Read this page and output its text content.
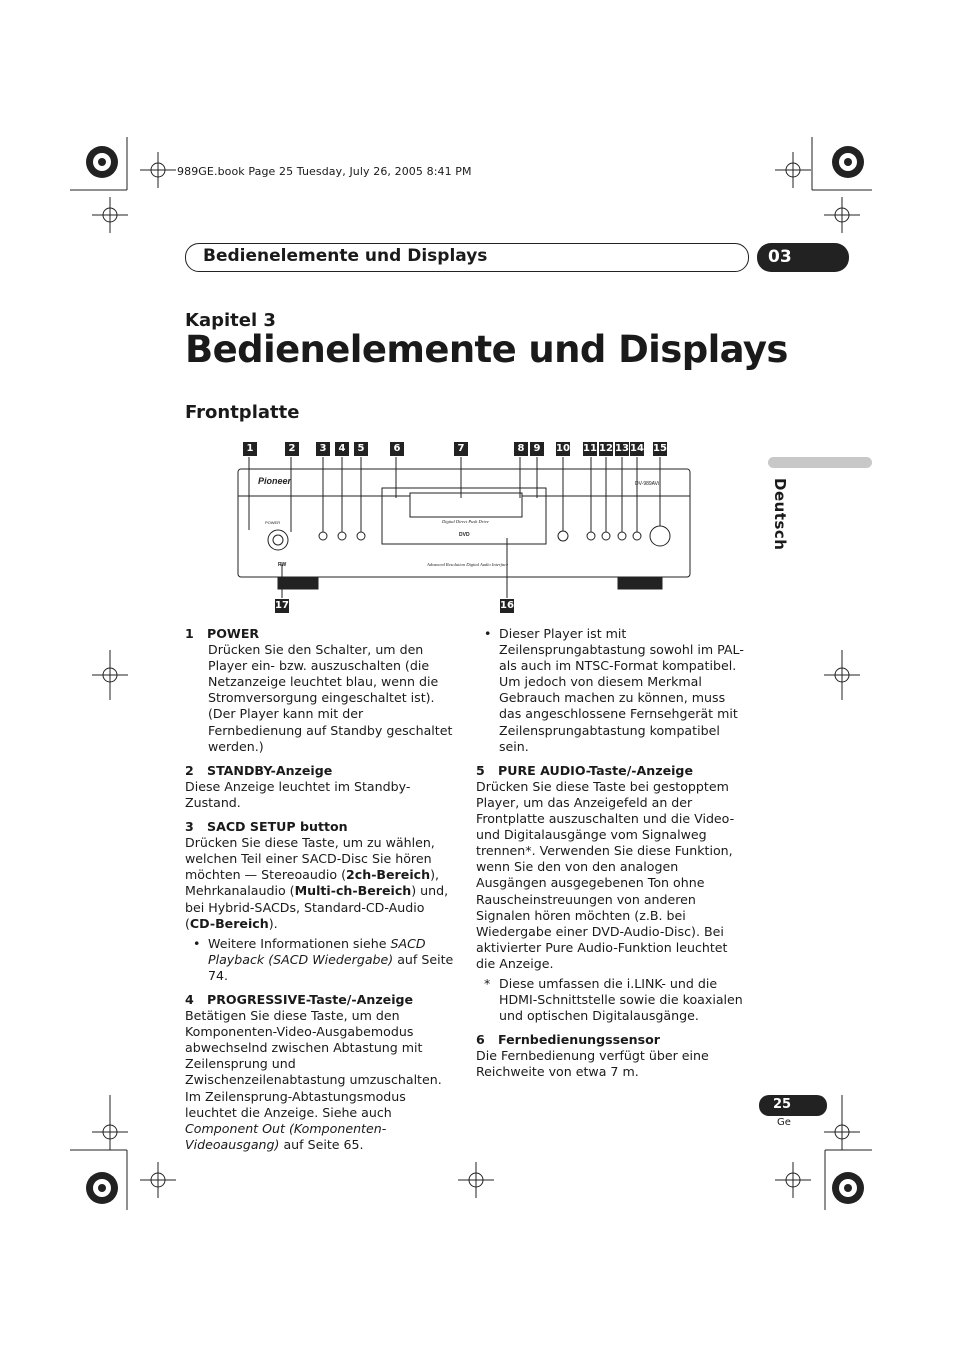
989GE.book Page 25 Tuesday, July 26, 2005 8:41 PM
Bedienelemente und Displays	03
Kapitel 3
Bedienelemente und Displays
Frontplatte
Deutsch
Pioneer	DV-989AVi
POWER	Digital Direct Push Drive
DVD
Advanced Resolution Digital Audio Interface
RW
1	2	3	4	5	6	7	8 9	10 11 12 13 14 15
16
17

1 POWER

Drücken Sie den Schalter, um den Player ein- bzw. auszuschalten (die Netzanzeige leuchtet blau, wenn die Stromversorgung eingeschaltet ist). (Der Player kann mit der Fernbedienung auf Standby geschaltet werden.)

2 STANDBY-Anzeige

Diese Anzeige leuchtet im Standby-Zustand.

3 SACD SETUP button

Drücken Sie diese Taste, um zu wählen, welchen Teil einer SACD-Disc Sie hören möchten — Stereoaudio (2ch-Bereich), Mehrkanalaudio (Multi-ch-Bereich) und, bei Hybrid-SACDs, Standard-CD-Audio (CD-Bereich).

• Weitere Informationen siehe SACD Playback (SACD Wiedergabe) auf Seite 74.

4 PROGRESSIVE-Taste/-Anzeige

Betätigen Sie diese Taste, um den Komponenten-Video-Ausgabemodus abwechselnd zwischen Abtastung mit Zeilensprung und Zwischenzeilenabtastung umzuschalten. Im Zeilensprung-Abtastungsmodus leuchtet die Anzeige. Siehe auch Component Out (Komponenten-Videoausgang) auf Seite 65.

• Dieser Player ist mit Zeilensprungabtastung sowohl im PAL- als auch im NTSC-Format kompatibel. Um jedoch von diesem Merkmal Gebrauch machen zu können, muss das angeschlossene Fernsehgerät mit Zeilensprungabtastung kompatibel sein.

5 PURE AUDIO-Taste/-Anzeige

Drücken Sie diese Taste bei gestopptem Player, um das Anzeigefeld an der Frontplatte auszuschalten und die Video- und Digitalausgänge vom Signalweg trennen*. Verwenden Sie diese Funktion, wenn Sie den von den analogen Ausgängen ausgegebenen Ton ohne Rauscheinstreuungen von anderen Signalen hören möchten (z.B. bei Wiedergabe einer DVD-Audio-Disc). Bei aktivierter Pure Audio-Funktion leuchtet die Anzeige.

* Diese umfassen die i.LINK- und die HDMI-Schnittstelle sowie die koaxialen und optischen Digitalausgänge.

6 Fernbedienungssensor

Die Fernbedienung verfügt über eine Reichweite von etwa 7 m.

25
Ge
